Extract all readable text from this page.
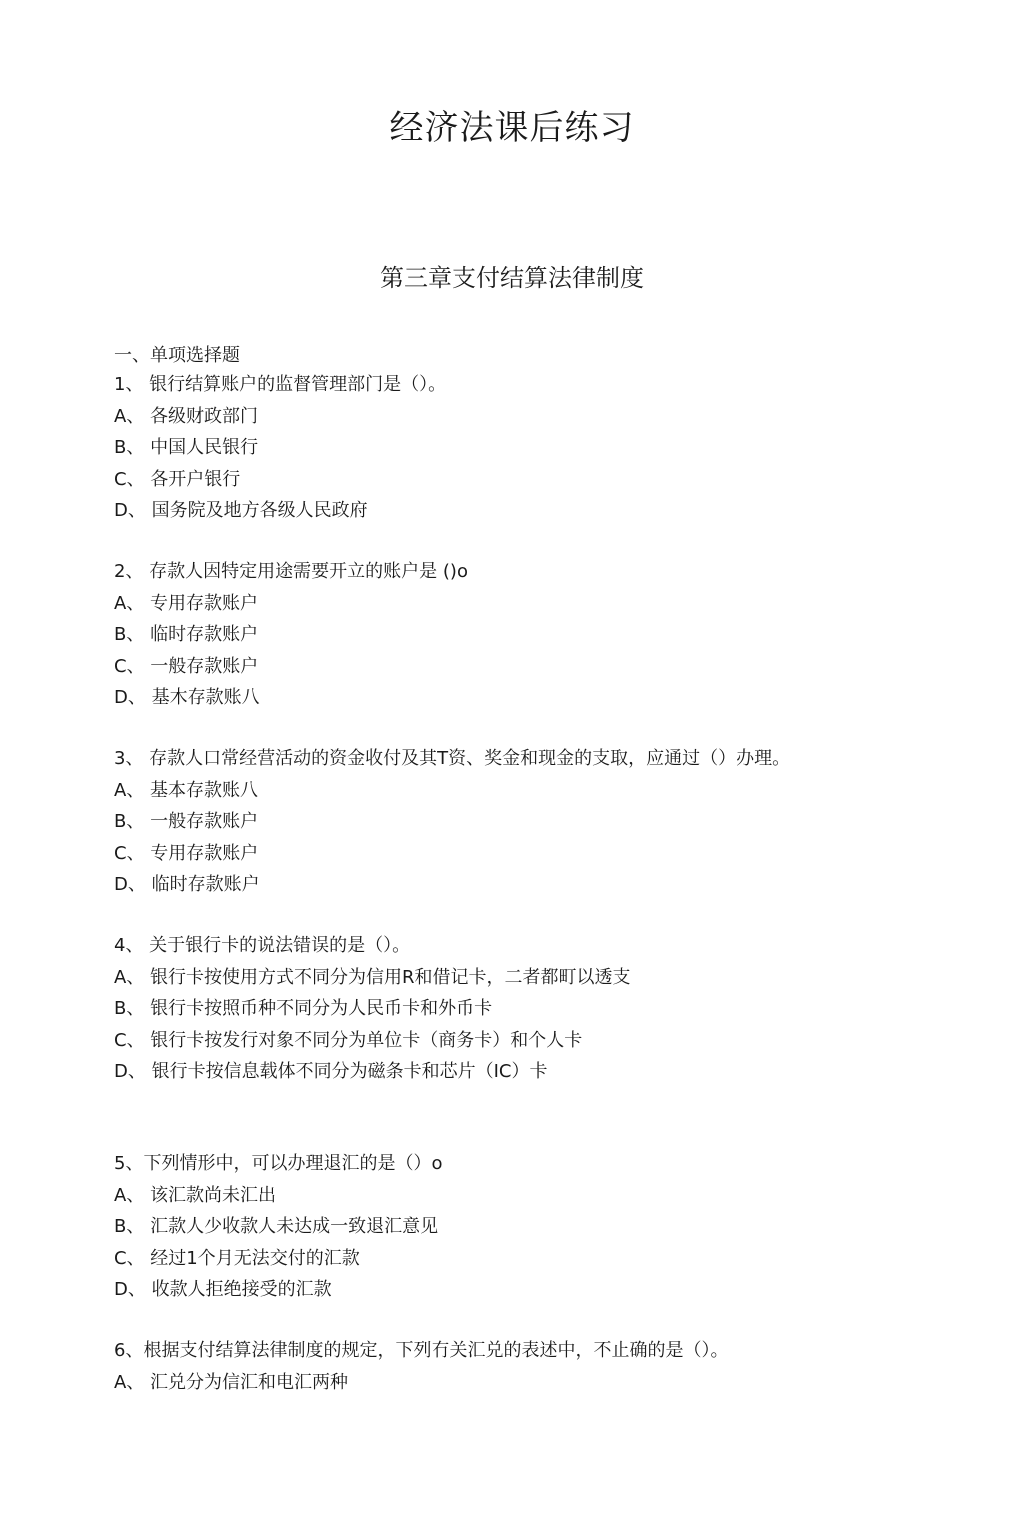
经济法课后练习
第三章支付结算法律制度
一、单项选择题
1、 银行结算账户的监督管理部门是（）。
A、 各级财政部门
B、 中国人民银行
C、 各开户银行
D、 国务院及地方各级人民政府
2、 存款人因特定用途需要开立的账户是 ()o
A、 专用存款账户
B、 临时存款账户
C、 一般存款账户
D、 基木存款账八
3、 存款人口常经营活动的资金收付及其T资、奖金和现金的支取，应通过（）办理。
A、 基本存款账八
B、 一般存款账户
C、 专用存款账户
D、 临时存款账户
4、 关于银行卡的说法错误的是（）。
A、 银行卡按使用方式不同分为信用R和借记卡，二者都町以透支
B、 银行卡按照币种不同分为人民币卡和外币卡
C、 银行卡按发行对象不同分为单位卡（商务卡）和个人卡
D、 银行卡按信息载体不同分为磁条卡和芯片（IC）卡
5、下列情形中，可以办理退汇的是（）o
A、 该汇款尚未汇出
B、 汇款人少收款人未达成一致退汇意见
C、 经过1个月无法交付的汇款
D、 收款人拒绝接受的汇款
6、根据支付结算法律制度的规定，下列冇关汇兑的表述中，不止确的是（）。
A、 汇兑分为信汇和电汇两种
